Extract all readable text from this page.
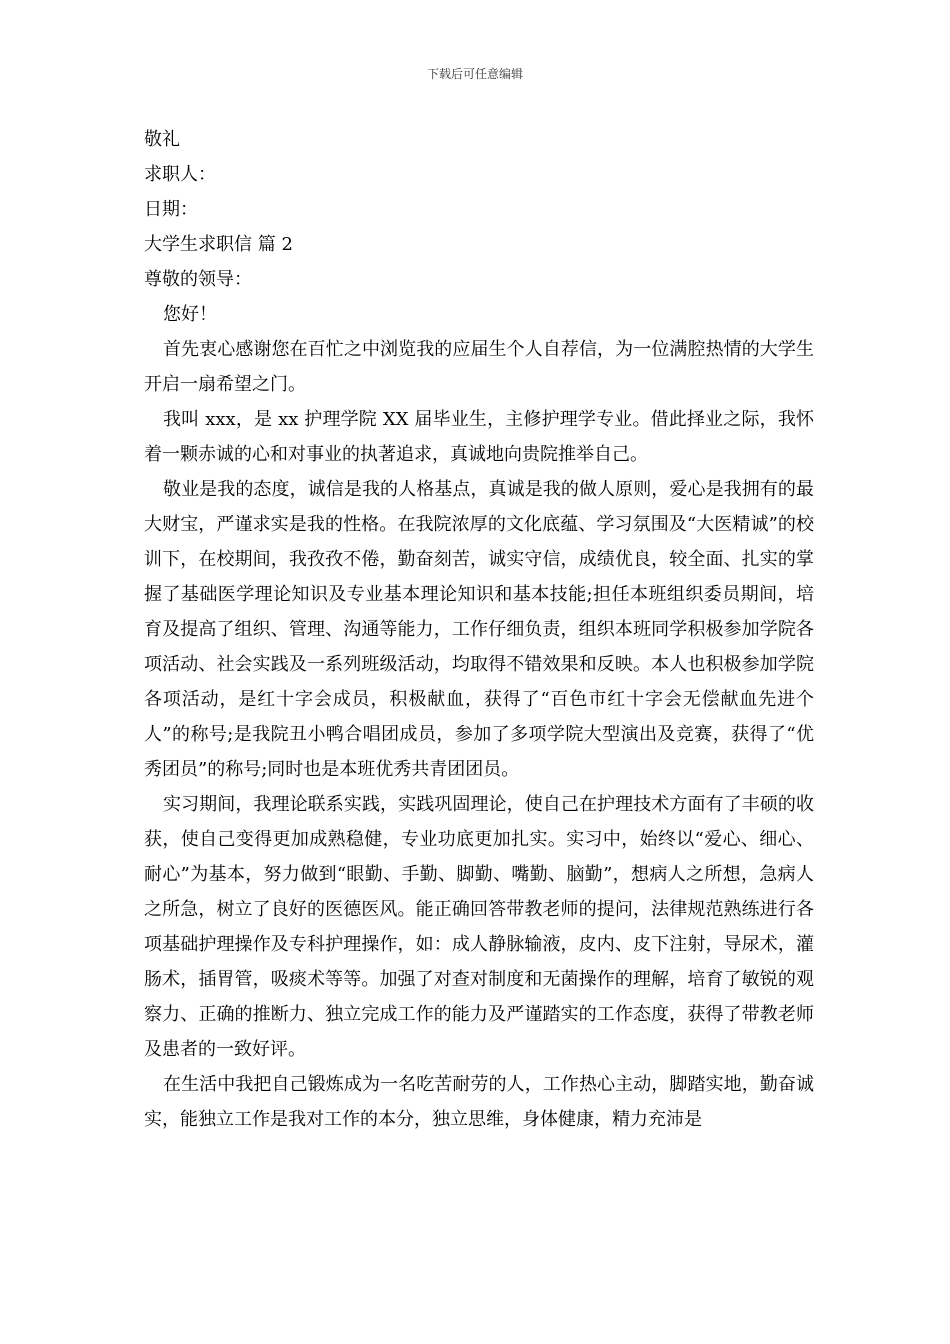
下载后可任意编辑

敬礼

求职人：

日期：

大学生求职信 篇 2

尊敬的领导：

您好！

首先衷心感谢您在百忙之中浏览我的应届生个人自荐信，为一位满腔热情的大学生开启一扇希望之门。

我叫 xxx，是 xx 护理学院 XX 届毕业生，主修护理学专业。借此择业之际，我怀着一颗赤诚的心和对事业的执著追求，真诚地向贵院推举自己。

敬业是我的态度，诚信是我的人格基点，真诚是我的做人原则，爱心是我拥有的最大财宝，严谨求实是我的性格。在我院浓厚的文化底蕴、学习氛围及“大医精诚”的校训下，在校期间，我孜孜不倦，勤奋刻苦，诚实守信，成绩优良，较全面、扎实的掌握了基础医学理论知识及专业基本理论知识和基本技能;担任本班组织委员期间，培育及提高了组织、管理、沟通等能力，工作仔细负责，组织本班同学积极参加学院各项活动、社会实践及一系列班级活动，均取得不错效果和反映。本人也积极参加学院各项活动，是红十字会成员，积极献血，获得了“百色市红十字会无偿献血先进个人”的称号;是我院丑小鸭合唱团成员，参加了多项学院大型演出及竞赛，获得了“优秀团员”的称号;同时也是本班优秀共青团团员。

实习期间，我理论联系实践，实践巩固理论，使自己在护理技术方面有了丰硕的收获，使自己变得更加成熟稳健，专业功底更加扎实。实习中，始终以“爱心、细心、耐心”为基本，努力做到“眼勤、手勤、脚勤、嘴勤、脑勤”，想病人之所想，急病人之所急，树立了良好的医德医风。能正确回答带教老师的提问，法律规范熟练进行各项基础护理操作及专科护理操作，如：成人静脉输液，皮内、皮下注射，导尿术，灌肠术，插胃管，吸痰术等等。加强了对查对制度和无菌操作的理解，培育了敏锐的观察力、正确的推断力、独立完成工作的能力及严谨踏实的工作态度，获得了带教老师及患者的一致好评。

在生活中我把自己锻炼成为一名吃苦耐劳的人，工作热心主动，脚踏实地，勤奋诚实，能独立工作是我对工作的本分，独立思维，身体健康，精力充沛是
